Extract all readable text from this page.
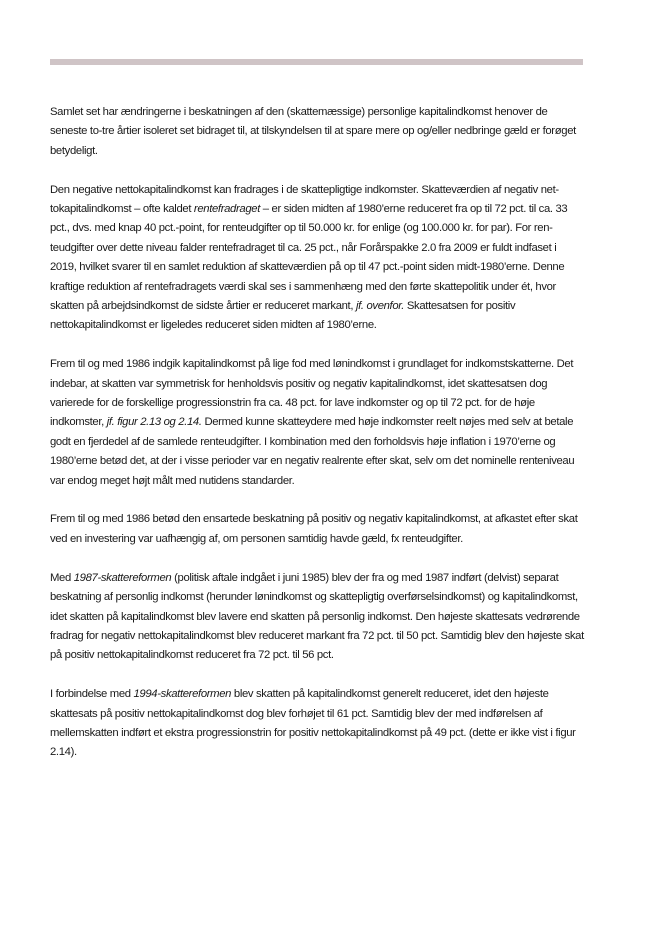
Samlet set har ændringerne i beskatningen af den (skattemæssige) personlige kapitalindkomst henover de seneste to-tre årtier isoleret set bidraget til, at tilskyndelsen til at spare mere op og/eller nedbringe gæld er forøget betydeligt.

Den negative nettokapitalindkomst kan fradrages i de skattepligtige indkomster. Skatteværdien af negativ nettokapitalindkomst – ofte kaldet rentefradraget – er siden midten af 1980’erne reduceret fra op til 72 pct. til ca. 33 pct., dvs. med knap 40 pct.-point, for renteudgifter op til 50.000 kr. for enlige (og 100.000 kr. for par). For renteudgifter over dette niveau falder rentefradraget til ca. 25 pct., når Forårspakke 2.0 fra 2009 er fuldt indfaset i 2019, hvilket svarer til en samlet reduktion af skatteværdien på op til 47 pct.-point siden midt-1980’erne. Denne kraftige reduktion af rentefradragets værdi skal ses i sammenhæng med den førte skattepolitik under ét, hvor skatten på arbejdsindkomst de sidste årtier er reduceret markant, jf. ovenfor. Skattesatsen for positiv nettokapitalindkomst er ligeledes reduceret siden midten af 1980’erne.

Frem til og med 1986 indgik kapitalindkomst på lige fod med lønindkomst i grundlaget for indkomstskatterne. Det indebar, at skatten var symmetrisk for henholdsvis positiv og negativ kapitalindkomst, idet skattesatsen dog varierede for de forskellige progressionstrin fra ca. 48 pct. for lave indkomster og op til 72 pct. for de høje indkomster, jf. figur 2.13 og 2.14. Dermed kunne skatteydere med høje indkomster reelt nøjes med selv at betale godt en fjerdedel af de samlede renteudgifter. I kombination med den forholdsvis høje inflation i 1970’erne og 1980’erne betød det, at der i visse perioder var en negativ realrente efter skat, selv om det nominelle renteniveau var endog meget højt målt med nutidens standarder.

Frem til og med 1986 betød den ensartede beskatning på positiv og negativ kapitalindkomst, at afkastet efter skat ved en investering var uafhængig af, om personen samtidig havde gæld, fx renteudgifter.

Med 1987-skattereformen (politisk aftale indgået i juni 1985) blev der fra og med 1987 indført (delvist) separat beskatning af personlig indkomst (herunder lønindkomst og skattepligtig overførselsindkomst) og kapitalindkomst, idet skatten på kapitalindkomst blev lavere end skatten på personlig indkomst. Den højeste skattesats vedrørende fradrag for negativ nettokapitalindkomst blev reduceret markant fra 72 pct. til 50 pct. Samtidig blev den højeste skat på positiv nettokapitalindkomst reduceret fra 72 pct. til 56 pct.

I forbindelse med 1994-skattereformen blev skatten på kapitalindkomst generelt reduceret, idet den højeste skattesats på positiv nettokapitalindkomst dog blev forhøjet til 61 pct. Samtidig blev der med indførelsen af mellemskatten indført et ekstra progressionstrin for positiv nettokapitalindkomst på 49 pct. (dette er ikke vist i figur 2.14).
